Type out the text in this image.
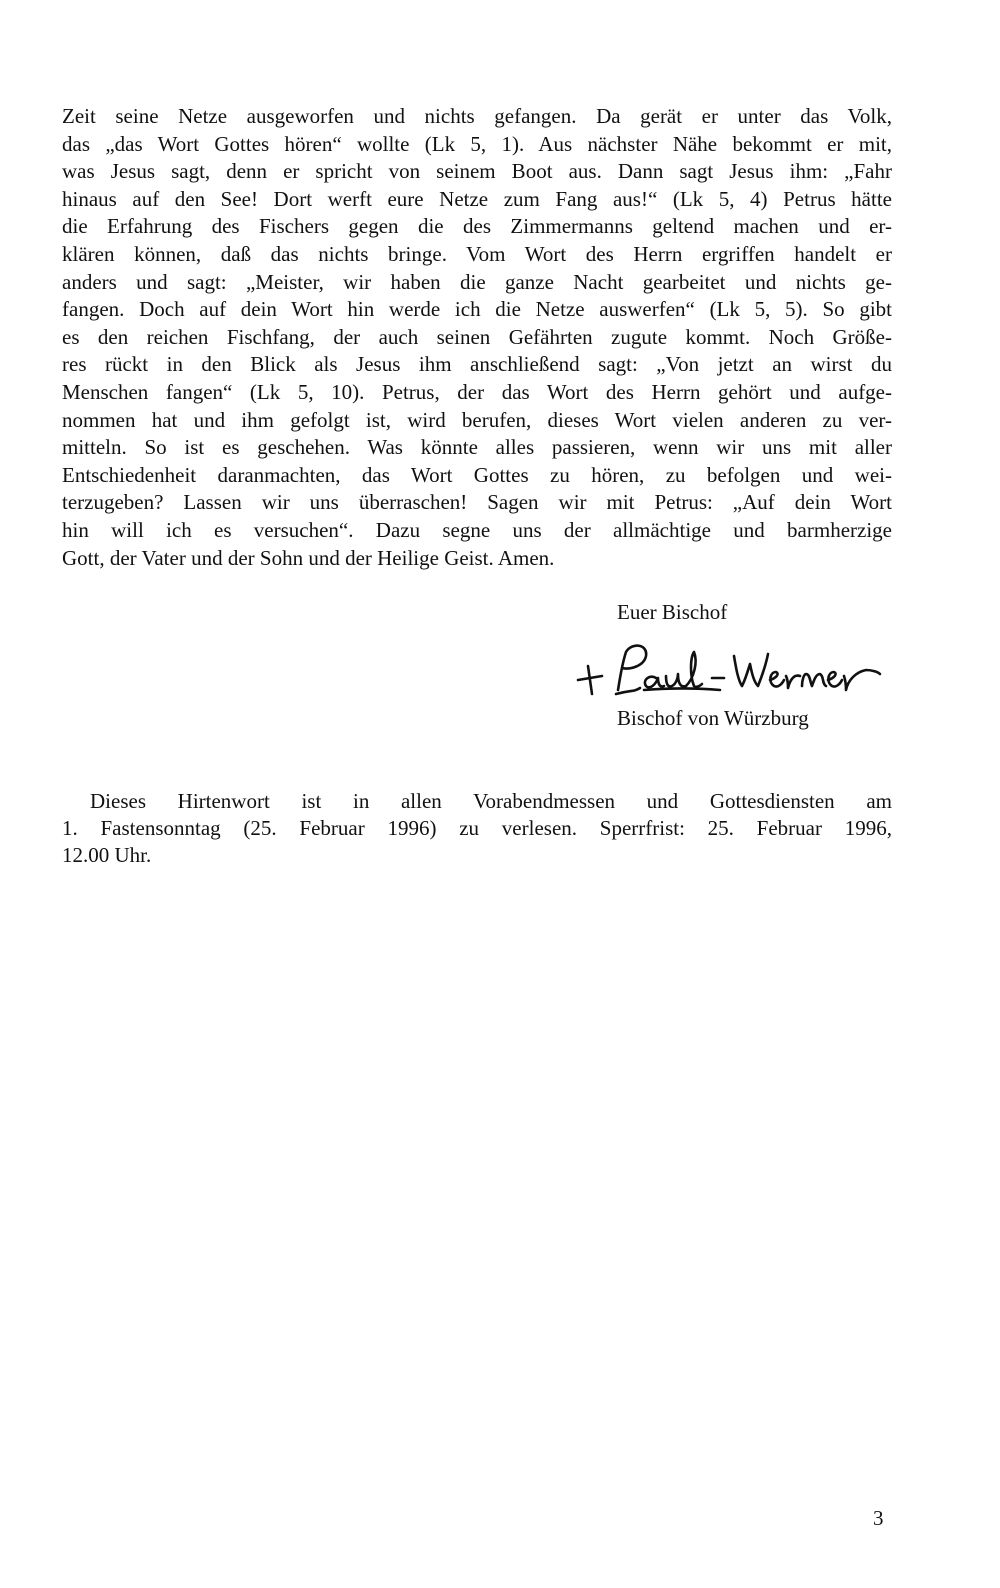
Zeit seine Netze ausgeworfen und nichts gefangen. Da gerät er unter das Volk,
das „das Wort Gottes hören“ wollte (Lk 5, 1). Aus nächster Nähe bekommt er mit,
was Jesus sagt, denn er spricht von seinem Boot aus. Dann sagt Jesus ihm: „Fahr
hinaus auf den See! Dort werft eure Netze zum Fang aus!“ (Lk 5, 4) Petrus hätte
die Erfahrung des Fischers gegen die des Zimmermanns geltend machen und er-
klären können, daß das nichts bringe. Vom Wort des Herrn ergriffen handelt er
anders und sagt: „Meister, wir haben die ganze Nacht gearbeitet und nichts ge-
fangen. Doch auf dein Wort hin werde ich die Netze auswerfen“ (Lk 5, 5). So gibt
es den reichen Fischfang, der auch seinen Gefährten zugute kommt. Noch Größe-
res rückt in den Blick als Jesus ihm anschließend sagt: „Von jetzt an wirst du
Menschen fangen“ (Lk 5, 10). Petrus, der das Wort des Herrn gehört und aufge-
nommen hat und ihm gefolgt ist, wird berufen, dieses Wort vielen anderen zu ver-
mitteln. So ist es geschehen. Was könnte alles passieren, wenn wir uns mit aller
Entschiedenheit daranmachten, das Wort Gottes zu hören, zu befolgen und wei-
terzugeben? Lassen wir uns überraschen! Sagen wir mit Petrus: „Auf dein Wort
hin will ich es versuchen“. Dazu segne uns der allmächtige und barmherzige
Gott, der Vater und der Sohn und der Heilige Geist. Amen.
Euer Bischof
Bischof von Würzburg
Dieses Hirtenwort ist in allen Vorabendmessen und Gottesdiensten am
1. Fastensonntag (25. Februar 1996) zu verlesen. Sperrfrist: 25. Februar 1996,
12.00 Uhr.
3
